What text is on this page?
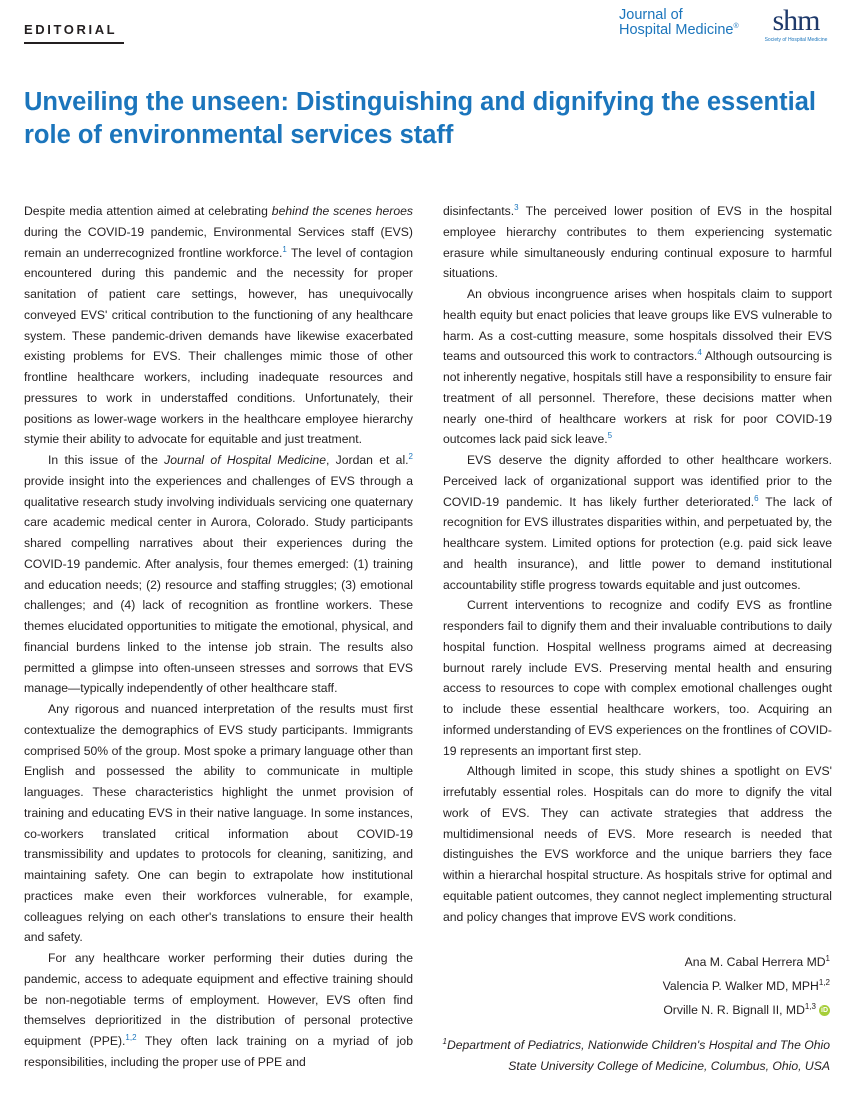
EDITORIAL
Journal of
Hospital Medicine®	shm
Society of Hospital Medicine
Unveiling the unseen: Distinguishing and dignifying the essential role of environmental services staff

Despite media attention aimed at celebrating behind the scenes heroes during the COVID-19 pandemic, Environmental Services staff (EVS) remain an underrecognized frontline workforce.$^1$ The level of contagion encountered during this pandemic and the necessity for proper sanitation of patient care settings, however, has unequivocally conveyed EVS' critical contribution to the functioning of any healthcare system. These pandemic-driven demands have likewise exacerbated existing problems for EVS. Their challenges mimic those of other frontline healthcare workers, including inadequate resources and pressures to work in understaffed conditions. Unfortunately, their positions as lower-wage workers in the healthcare employee hierarchy stymie their ability to advocate for equitable and just treatment.

In this issue of the Journal of Hospital Medicine, Jordan et al.$^2$ provide insight into the experiences and challenges of EVS through a qualitative research study involving individuals servicing one quaternary care academic medical center in Aurora, Colorado. Study participants shared compelling narratives about their experiences during the COVID-19 pandemic. After analysis, four themes emerged: (1) training and education needs; (2) resource and staffing struggles; (3) emotional challenges; and (4) lack of recognition as frontline workers. These themes elucidated opportunities to mitigate the emotional, physical, and financial burdens linked to the intense job strain. The results also permitted a glimpse into often-unseen stresses and sorrows that EVS manage—typically independently of other healthcare staff.

Any rigorous and nuanced interpretation of the results must first contextualize the demographics of EVS study participants. Immigrants comprised 50% of the group. Most spoke a primary language other than English and possessed the ability to communicate in multiple languages. These characteristics highlight the unmet provision of training and educating EVS in their native language. In some instances, co-workers translated critical information about COVID-19 transmissibility and updates to protocols for cleaning, sanitizing, and maintaining safety. One can begin to extrapolate how institutional practices make even their workforces vulnerable, for example, colleagues relying on each other's translations to ensure their health and safety.

For any healthcare worker performing their duties during the pandemic, access to adequate equipment and effective training should be non-negotiable terms of employment. However, EVS often find themselves deprioritized in the distribution of personal protective equipment (PPE).$^{1,2}$ They often lack training on a myriad of job responsibilities, including the proper use of PPE and

disinfectants.$^3$ The perceived lower position of EVS in the hospital employee hierarchy contributes to them experiencing systematic erasure while simultaneously enduring continual exposure to harmful situations.

An obvious incongruence arises when hospitals claim to support health equity but enact policies that leave groups like EVS vulnerable to harm. As a cost-cutting measure, some hospitals dissolved their EVS teams and outsourced this work to contractors.$^4$ Although outsourcing is not inherently negative, hospitals still have a responsibility to ensure fair treatment of all personnel. Therefore, these decisions matter when nearly one-third of healthcare workers at risk for poor COVID-19 outcomes lack paid sick leave.$^5$

EVS deserve the dignity afforded to other healthcare workers. Perceived lack of organizational support was identified prior to the COVID-19 pandemic. It has likely further deteriorated.$^6$ The lack of recognition for EVS illustrates disparities within, and perpetuated by, the healthcare system. Limited options for protection (e.g. paid sick leave and health insurance), and little power to demand institutional accountability stifle progress towards equitable and just outcomes.

Current interventions to recognize and codify EVS as frontline responders fail to dignify them and their invaluable contributions to daily hospital function. Hospital wellness programs aimed at decreasing burnout rarely include EVS. Preserving mental health and ensuring access to resources to cope with complex emotional challenges ought to include these essential healthcare workers, too. Acquiring an informed understanding of EVS experiences on the frontlines of COVID-19 represents an important first step.

Although limited in scope, this study shines a spotlight on EVS' irrefutably essential roles. Hospitals can do more to dignify the vital work of EVS. They can activate strategies that address the multidimensional needs of EVS. More research is needed that distinguishes the EVS workforce and the unique barriers they face within a hierarchal hospital structure. As hospitals strive for optimal and equitable patient outcomes, they cannot neglect implementing structural and policy changes that improve EVS work conditions.

Ana M. Cabal Herrera $MD^1$
Valencia P. Walker MD, MPH$^{1,2}$
Orville N. R. Bignall II, MD$^{1,3}$ iD
$^1$Department of Pediatrics, Nationwide Children's Hospital and The Ohio State University College of Medicine, Columbus, Ohio, USA
